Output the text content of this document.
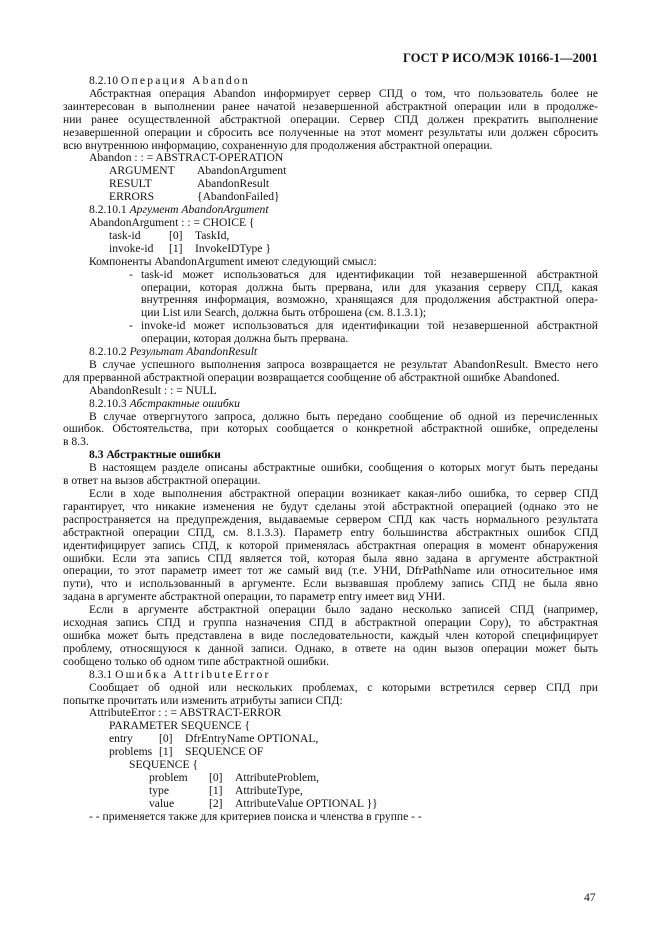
ГОСТ Р ИСО/МЭК 10166-1—2001
8.2.10 Операция Abandon
Абстрактная операция Abandon информирует сервер СПД о том, что пользователь более не
заинтересован в выполнении ранее начатой незавершенной абстрактной операции или в продолже-
нии ранее осуществленной абстрактной операции. Сервер СПД должен прекратить выполнение
незавершенной операции и сбросить все полученные на этот момент результаты или должен сбросить
всю внутреннюю информацию, сохраненную для продолжения абстрактной операции.
Abandon : : = ABSTRACT-OPERATION
ARGUMENT	AbandonArgument
RESULT	AbandonResult
ERRORS	{AbandonFailed}
8.2.10.1 Аргумент AbandonArgument
AbandonArgument : : = CHOICE {
task-id	[0]	TaskId,
invoke-id	[1]	InvokeIDType }
Компоненты AbandonArgument имеют следующий смысл:
- task-id может использоваться для идентификации той незавершенной абстрактной
операции, которая должна быть прервана, или для указания серверу СПД, какая
внутренняя информация, возможно, хранящаяся для продолжения абстрактной опера-
ции List или Search, должна быть отброшена (см. 8.1.3.1);
- invoke-id может использоваться для идентификации той незавершенной абстрактной
операции, которая должна быть прервана.
8.2.10.2 Результат AbandonResult
В случае успешного выполнения запроса возвращается не результат AbandonResult. Вместо него
для прерванной абстрактной операции возвращается сообщение об абстрактной ошибке Abandoned.
AbandonResult : : = NULL
8.2.10.3 Абстрактные ошибки
В случае отвергнутого запроса, должно быть передано сообщение об одной из перечисленных
ошибок. Обстоятельства, при которых сообщается о конкретной абстрактной ошибке, определены
в 8.3.
8.3 Абстрактные ошибки
В настоящем разделе описаны абстрактные ошибки, сообщения о которых могут быть переданы
в ответ на вызов абстрактной операции.
Если в ходе выполнения абстрактной операции возникает какая-либо ошибка, то сервер СПД
гарантирует, что никакие изменения не будут сделаны этой абстрактной операцией (однако это не
распространяется на предупреждения, выдаваемые сервером СПД как часть нормального результата
абстрактной операции СПД, см. 8.1.3.3). Параметр entry большинства абстрактных ошибок СПД
идентифицирует запись СПД, к которой применялась абстрактная операция в момент обнаружения
ошибки. Если эта запись СПД является той, которая была явно задана в аргументе абстрактной
операции, то этот параметр имеет тот же самый вид (т.е. УНИ, DfrPathName или относительное имя
пути), что и использованный в аргументе. Если вызвавшая проблему запись СПД не была явно
задана в аргументе абстрактной операции, то параметр entry имеет вид УНИ.
Если в аргументе абстрактной операции было задано несколько записей СПД (например,
исходная запись СПД и группа назначения СПД в абстрактной операции Copy), то абстрактная
ошибка может быть представлена в виде последовательности, каждый член которой специфицирует
проблему, относящуюся к данной записи. Однако, в ответе на один вызов операции может быть
сообщено только об одном типе абстрактной ошибки.
8.3.1 Ошибка AttributeError
Сообщает об одной или нескольких проблемах, с которыми встретился сервер СПД при
попытке прочитать или изменить атрибуты записи СПД:
AttributeError : : = ABSTRACT-ERROR
PARAMETER SEQUENCE {
entry	[0]	DfrEntryName OPTIONAL,
problems [1]	SEQUENCE OF
SEQUENCE {
problem	[0]	AttributeProblem,
type	[1]	AttributeType,
value	[2]	AttributeValue OPTIONAL }}
- - применяется также для критериев поиска и членства в группе - -
47
